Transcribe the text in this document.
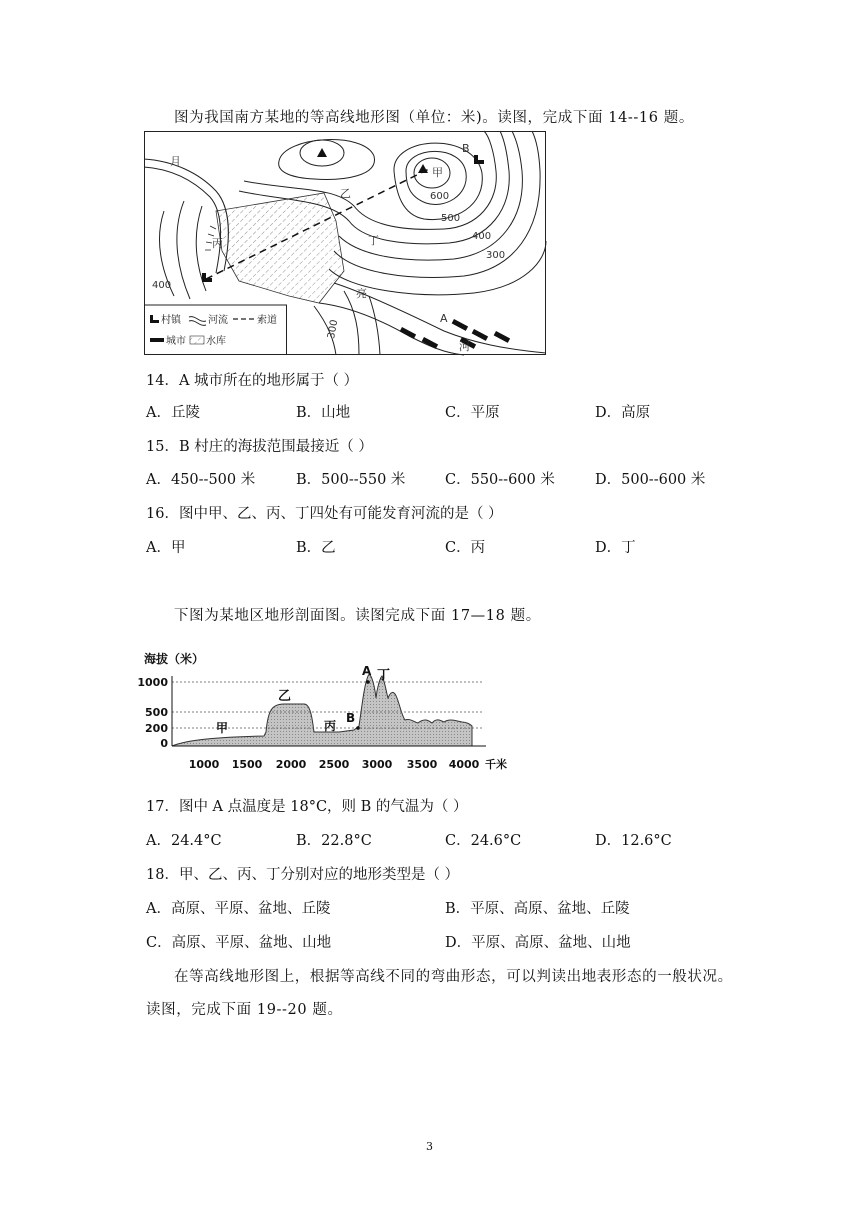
图为我国南方某地的等高线地形图（单位：米)。读图，完成下面 14--16 题。
月
B
甲
乙
丙	丁
亮
A
河
600
500
400
300
400
300
村镇	河流	索道
城市 水库
14．A 城市所在的地形属于（ ）
A．丘陵	B．山地	C．平原	D．高原
15．B 村庄的海拔范围最接近（ ）
A．450--500 米	B．500--550 米	C．550--600 米	D．500--600 米
16．图中甲、乙、丙、丁四处有可能发育河流的是（ ）
A．甲	B．乙	C．丙	D．丁
下图为某地区地形剖面图。读图完成下面 17—18 题。
海拔（米）
1000
500
200
0
1000 1500 2000 2500 3000 3500 4000 千米
甲
乙
丙
丁
A
B
17．图中 A 点温度是 18°C，则 B 的气温为（ ）
A．24.4°C	B．22.8°C	C．24.6°C	D．12.6°C
18．甲、乙、丙、丁分别对应的地形类型是（ ）
A．高原、平原、盆地、丘陵	B．平原、高原、盆地、丘陵
C．高原、平原、盆地、山地	D．平原、高原、盆地、山地
在等高线地形图上，根据等高线不同的弯曲形态，可以判读出地表形态的一般状况。
读图，完成下面 19--20 题。
3
